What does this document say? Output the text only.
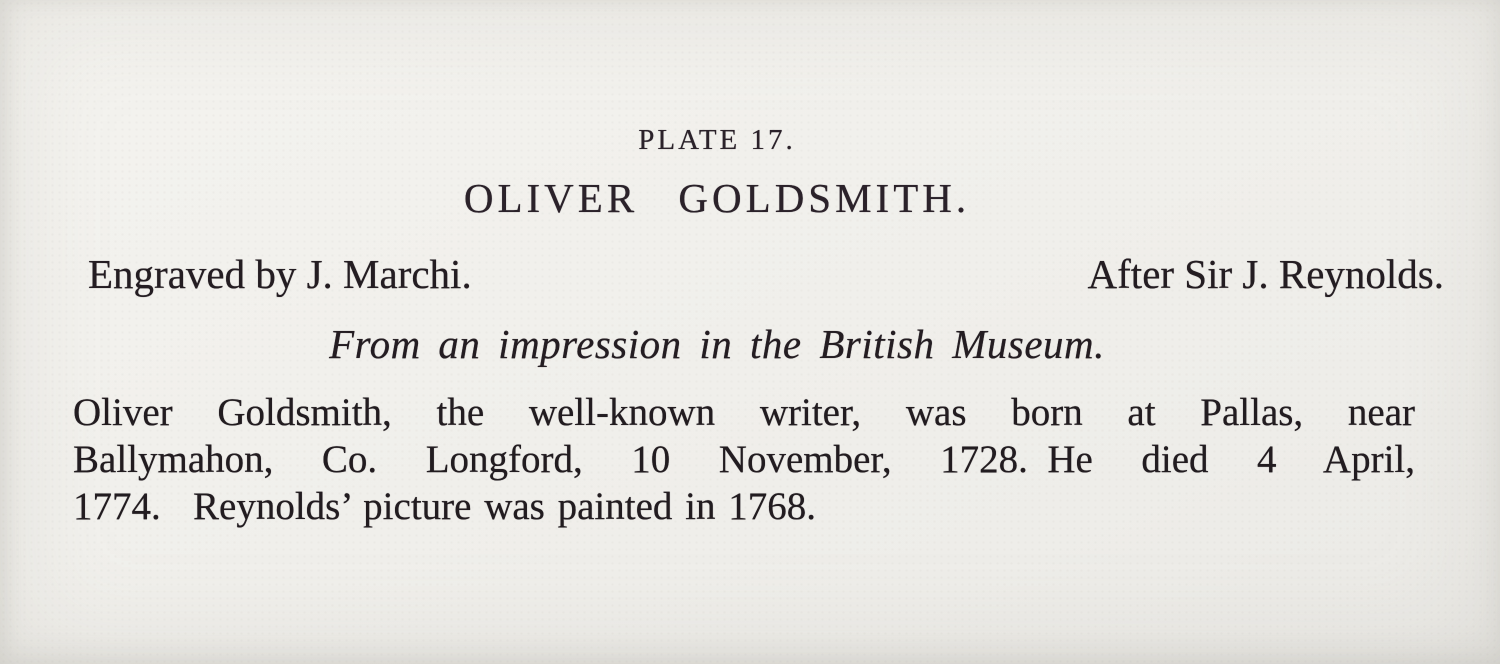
PLATE 17.
OLIVER GOLDSMITH.
Engraved by J. Marchi.	After Sir J. Reynolds.
From an impression in the British Museum.
Oliver Goldsmith, the well-known writer, was born at Pallas, near
Ballymahon, Co. Longford, 10 November, 1728. He died 4 April,
1774.  Reynolds’ picture was painted in 1768.
